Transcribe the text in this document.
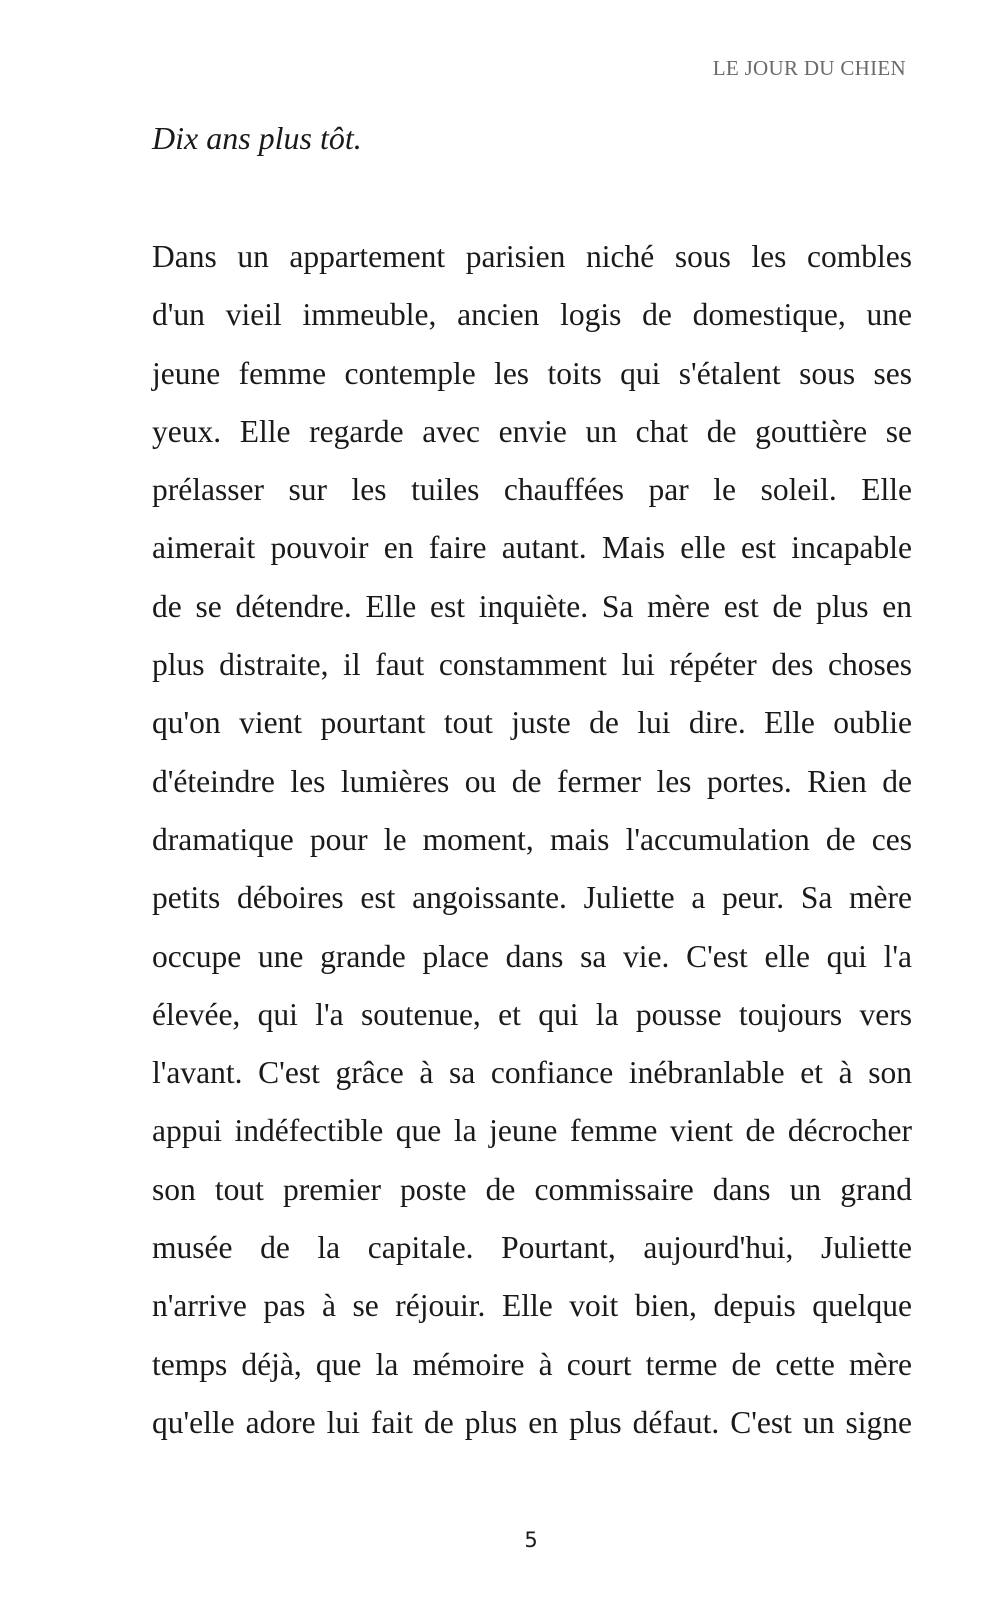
LE JOUR DU CHIEN
Dix ans plus tôt.
Dans un appartement parisien niché sous les combles
d'un vieil immeuble, ancien logis de domestique, une
jeune femme contemple les toits qui s'étalent sous ses
yeux. Elle regarde avec envie un chat de gouttière se
prélasser sur les tuiles chauffées par le soleil. Elle
aimerait pouvoir en faire autant. Mais elle est incapable
de se détendre. Elle est inquiète. Sa mère est de plus en
plus distraite, il faut constamment lui répéter des choses
qu'on vient pourtant tout juste de lui dire. Elle oublie
d'éteindre les lumières ou de fermer les portes. Rien de
dramatique pour le moment, mais l'accumulation de ces
petits déboires est angoissante. Juliette a peur. Sa mère
occupe une grande place dans sa vie. C'est elle qui l'a
élevée, qui l'a soutenue, et qui la pousse toujours vers
l'avant. C'est grâce à sa confiance inébranlable et à son
appui indéfectible que la jeune femme vient de décrocher
son tout premier poste de commissaire dans un grand
musée de la capitale. Pourtant, aujourd'hui, Juliette
n'arrive pas à se réjouir. Elle voit bien, depuis quelque
temps déjà, que la mémoire à court terme de cette mère
qu'elle adore lui fait de plus en plus défaut. C'est un signe
5
